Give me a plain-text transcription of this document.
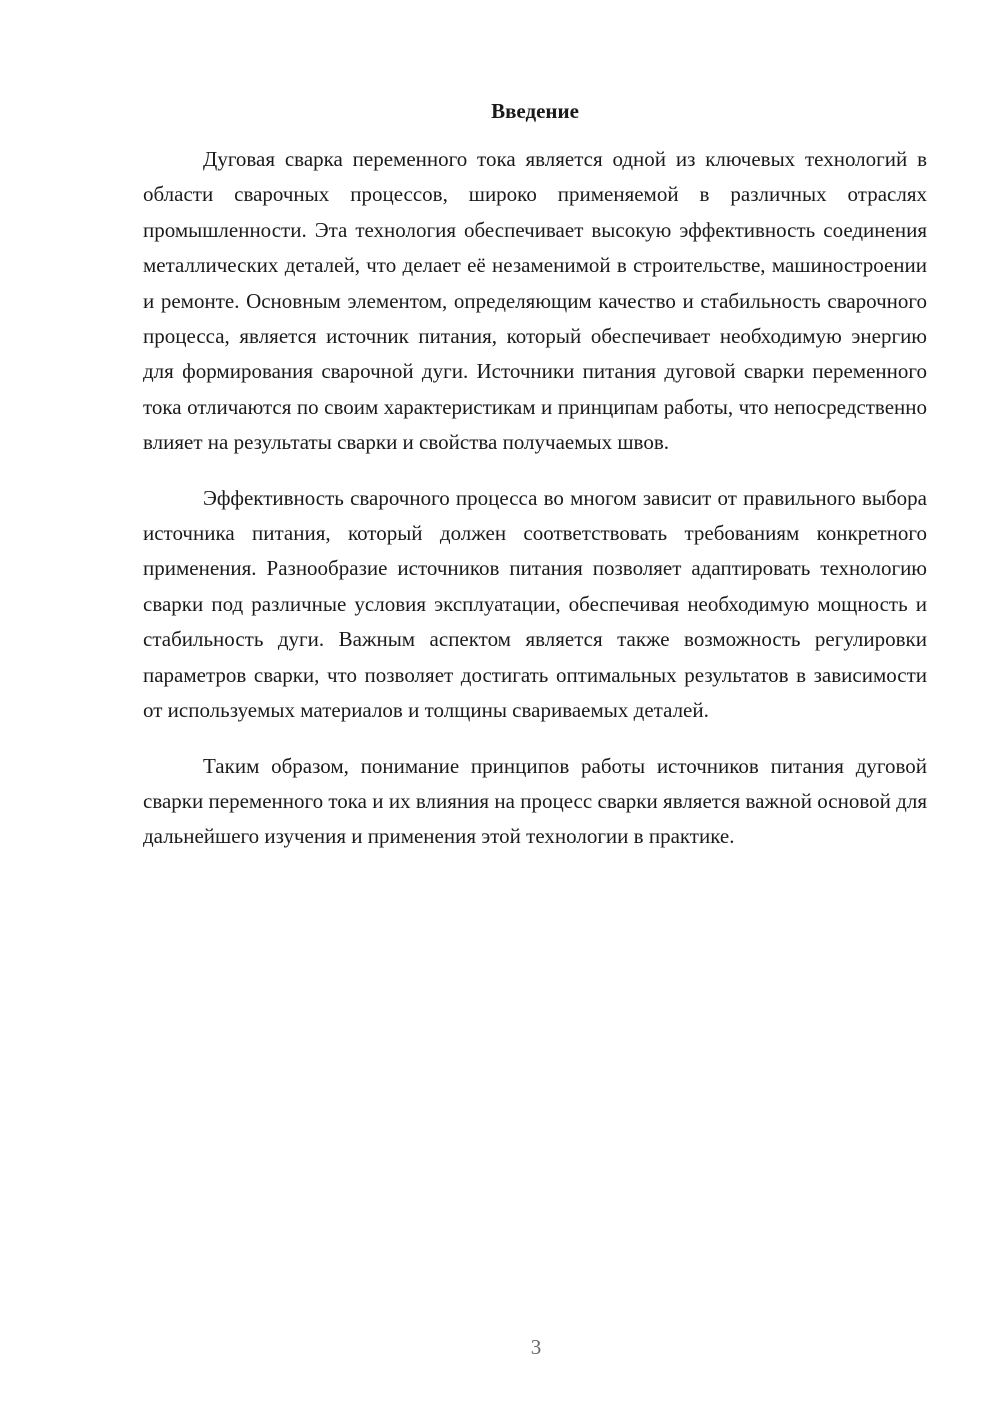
Введение

Дуговая сварка переменного тока является одной из ключевых технологий в области сварочных процессов, широко применяемой в различных отраслях промышленности. Эта технология обеспечивает высокую эффективность соединения металлических деталей, что делает её незаменимой в строительстве, машиностроении и ремонте. Основным элементом, определяющим качество и стабильность сварочного процесса, является источник питания, который обеспечивает необходимую энергию для формирования сварочной дуги. Источники питания дуговой сварки переменного тока отличаются по своим характеристикам и принципам работы, что непосредственно влияет на результаты сварки и свойства получаемых швов.

Эффективность сварочного процесса во многом зависит от правильного выбора источника питания, который должен соответствовать требованиям конкретного применения. Разнообразие источников питания позволяет адаптировать технологию сварки под различные условия эксплуатации, обеспечивая необходимую мощность и стабильность дуги. Важным аспектом является также возможность регулировки параметров сварки, что позволяет достигать оптимальных результатов в зависимости от используемых материалов и толщины свариваемых деталей.

Таким образом, понимание принципов работы источников питания дуговой сварки переменного тока и их влияния на процесс сварки является важной основой для дальнейшего изучения и применения этой технологии в практике.

3
